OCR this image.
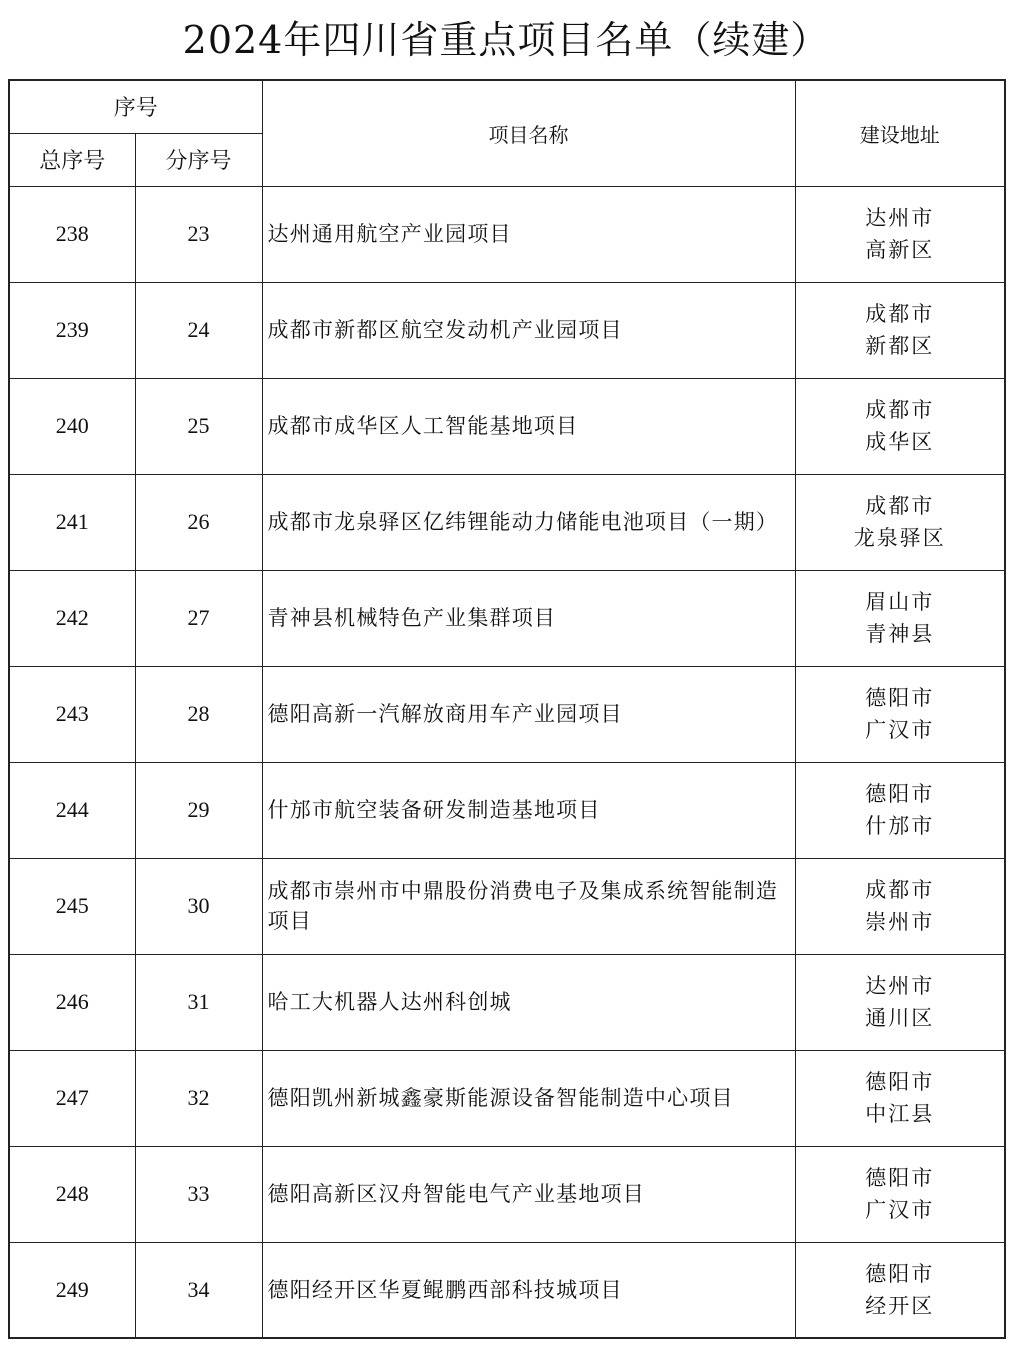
2024年四川省重点项目名单（续建）
序号		项目名称	建设地址
总序号	分序号		
238	23	达州通用航空产业园项目	达州市
高新区

239	24	成都市新都区航空发动机产业园项目	成都市
新都区

240	25	成都市成华区人工智能基地项目	成都市
成华区

241	26	成都市龙泉驿区亿纬锂能动力储能电池项目（一期）	成都市
龙泉驿区

242	27	青神县机械特色产业集群项目	眉山市
青神县

243	28	德阳高新一汽解放商用车产业园项目	德阳市
广汉市

244	29	什邡市航空装备研发制造基地项目	德阳市
什邡市

245	30	成都市崇州市中鼎股份消费电子及集成系统智能制造项目	成都市
崇州市

246	31	哈工大机器人达州科创城	达州市
通川区

247	32	德阳凯州新城鑫豪斯能源设备智能制造中心项目	德阳市
中江县

248	33	德阳高新区汉舟智能电气产业基地项目	德阳市
广汉市

249	34	德阳经开区华夏鲲鹏西部科技城项目	德阳市
经开区
